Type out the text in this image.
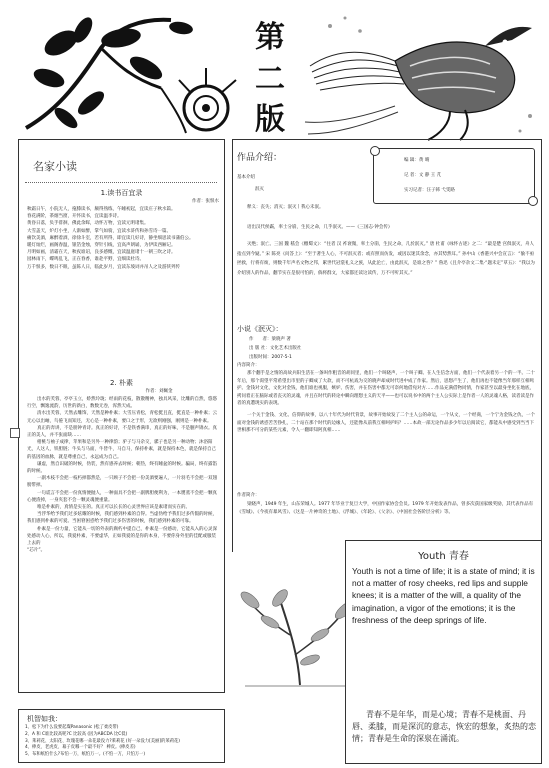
第
二
版
名家小读
1.读书百宜录
作者：张恨水

秋霜日午，小院无人，拖膝读书，颇得熟练，午睡初起，宜读庄子秋水篇。

春花满阶，茶烟当窗，开怀读书，宜读温李诗。

黄昏日落，负手徘徊，佛此余晖，动怀万物，宜读元明诸集。

大雪盖天，炉灯小坐，人渐如醉，掌气如骑，宜读水浒传和孙雪诗一篇。

痛饮美酒，麻醉着酒，徐徐斗室，若有所得，即宜读几好诗，静坐细思读书蒲伯公。

暖灯灿烂，画阁春温，银箔金烛，穿针引线，宜高声朗诵，为伊读西厢记。

月明如画，清霜在天，秋夜谁诏，良多感慨，宜读温庭诸十一朝三吹之诗。

园林雨下，蝶鸣乱飞，正在春香，谁赴平野，宜细读杜诗。

万千恨多，数日不眠，虽陈人日，临此岁月，宜读东坡词并吊人之及游侠列传

2. 朴素
作者：刘姵金

出水的芙蓉，亭亭玉立，娇然玲珑；经雨的花枝，散散精神，独具风采，比雕的自然，悠悠行空，飘逸流韵，历世的新白，数数无卷，浑然天成。

清水出芙蓉，天然去雕饰，天然是种朴素；大雪压青松，青松挺且直，挺直是一种朴素；云无心以出岫，鸟倦飞而知还，无心是一种朴素，要口之于形，无欲则刚强，刚则是一种朴素。

真正的奔讲，不是朋钟青诗。真正的好诗，不是铁香满串，真正的好味，不是胭声锦衣。真正的美人，并不张面缺……

柑桃与袖子成律，苹果和是另外一种律韵；驴子与马杂交，骡子也是另一种动物；沐浴阳光，人这人，铁胆链；牛头与马面，牛皆牛，马自马，保持朴素，就是保持本色，就是保持自己的基因的血脉，就是尊重自己，永远成为自己。

谦虚，然自识破的时候，伪装，然有感养去时候；朝热，终有睡盆的时候。骗局，终有露馅的时候。

一副木枝不会把一枝朽掉都然是，一只顾子不会把一份美酒要遍人，一片羽毛不会把一双翅膀带掉。

一句谎言不会把一份真情便抛人，一种面具不会把一副脾胆便利为，一本赝蒸不会把一颗真心便渣掉，一身夹套不会一颗灵魂便重量。

唯是朴素的，真情是实在的。真正可以长长的心灵世界应该是素诸而实在的。

当浮华给予我们过多炫耀的时候，我们感到朴素的自得。当虚伪给予我们过多传假的时候，我们感到朴素的可爱。当困窘困惑给予我们过多伤害的时候，我们感到朴素的可靠。

朴素是一份力量，它能从一切的外表的腐朽中提自己，朴素是一份感动，它能从入的心灵深处感动人心，所以，我爱朴素，不要虚华，正如我爱的是你的本身，不要你身外里的佳配或服装上去的

“芯片”。

机智如我：
1、松下为什么没要起璨Panasonic (松了柔皮带)
2、A 和 C谁比较高呢?C 比较高 (因为ABCDA 比C低)
3、莱莉花、太阳花、玫瑰花哪一朵花最没力?莱莉花 (好一朵没力[美丽]的莱莉花)
4、棒皮、老虎皮、幕子皮哪一个最不好？ 棒皮。(棒皮差)
5、布和纸怕什么?布怕一万，纸怕万一。(不怕一万，只怕万一)
作品介绍：
基本介绍
泯灭
编 辑：黄 晴
记 者：文 静 王 芃
实习记者：汪子韩 弋雯路
释义：丧失；消灭；泯灭丨我心未泯。
语出汉代侯霸，率士分崩，生民之命，几乎泯灭。——《三国志·钟会传》

灭绝；泯亡。三国 魏 嵇会《檄蜀文》：“往者 汉 祚衰微，率土分崩，生民之命，几於泯灭。” 唐 杜甫《咏怀古迹》之二：“最是楚 宫俱泯灭，舟人指点到今疑。” 宋 陈亮《问答上》：“至于著生人心，不可泯灭者；或有照而仿发，或因以迷其余念，亦其势然耳。” 孙中山《香港兴中会宣言》：“偷不亟拯救，行将有烦，则数千年声名文物之邦，累世代冠裳礼义之族，从此沦亡，由此泯灭，是谁之咎？” 鲁迅《且介亭杂文二集·“题未定”草五》：“我以为介绍别人的作品，翻节实在是很可怕的，倘将群文，大家都还读这读传，万不可听其灭。”

小说《泯灭》：
作　　者：梁晓声 著
出 版 社：文化艺术出版社
出版时间：2007-5-1
内容简介：

那个翻手是之情的高故兵阳生活在一条叫作粗音的胡同里，他们一个叫晓声，一个叫子卿。在人生信念方面，他们一个代表着另一个的一半。二十年后，那个渴望平常希望出市里的子卿成了大款，而不可杭戏为交的晓声却成时代进中成了作家。然后，思想产生了，他们再也不能像当年那样互相鸣护。金钱对文化，文化对金钱，他们谁也视服，嫉妒、伤害，并在伤害中都无可奈何地借宛对方……作品充满借物同情，作家甚至以最身坐化在地底，拷问着正在脑际或者丧灭的灵魂，并且在时代的转论中瞬向理想主义的天平——也可以说书中的两个主人公实际上是作者一人的灵魂人格，读者读是作者的真遭现实的表现。

一个关于金钱、文化、信仰的故事，以八十年代为时代背景，故事开始故发了二个主人公的命运，一个从文，一个经商，一个宁为金钱之仇，一个面对金钱的诱惑苦苦挣扎，二十站在那个时代的边缘人，还能像从前我互相呵护吗？……本故一部无论作品多少年以后阅读它，都能从中感受到当当下世相那不可分的某些元素，令人一翻即知阿真相……

作者简介：

梁晓声，1949 年生，山东荣城人。1977 年毕业于复旦大学，中国作家协会会员。1979 年开始发表作品，曾多次获国家级奖励，其代表作品有《雪城》、《今夜有暴风雪》、《这是一片神奇的土地》、《浮城》、《年轮》、《父亲》、《中国社会各阶层分析》等。

Youth 青春
Youth is not a time of life; it is a state of mind; it is not a matter of rosy cheeks, red lips and supple knees; it is a matter of the will, a quality of the imagination, a vigor of the emotions; it is the freshness of the deep springs of life.
青春不是年华，而是心境；青春不是桃面、丹唇、柔膝，而是深沉的意志，恢宏的想象，炙热的恋情；青春是生命的深泉在涌流。
